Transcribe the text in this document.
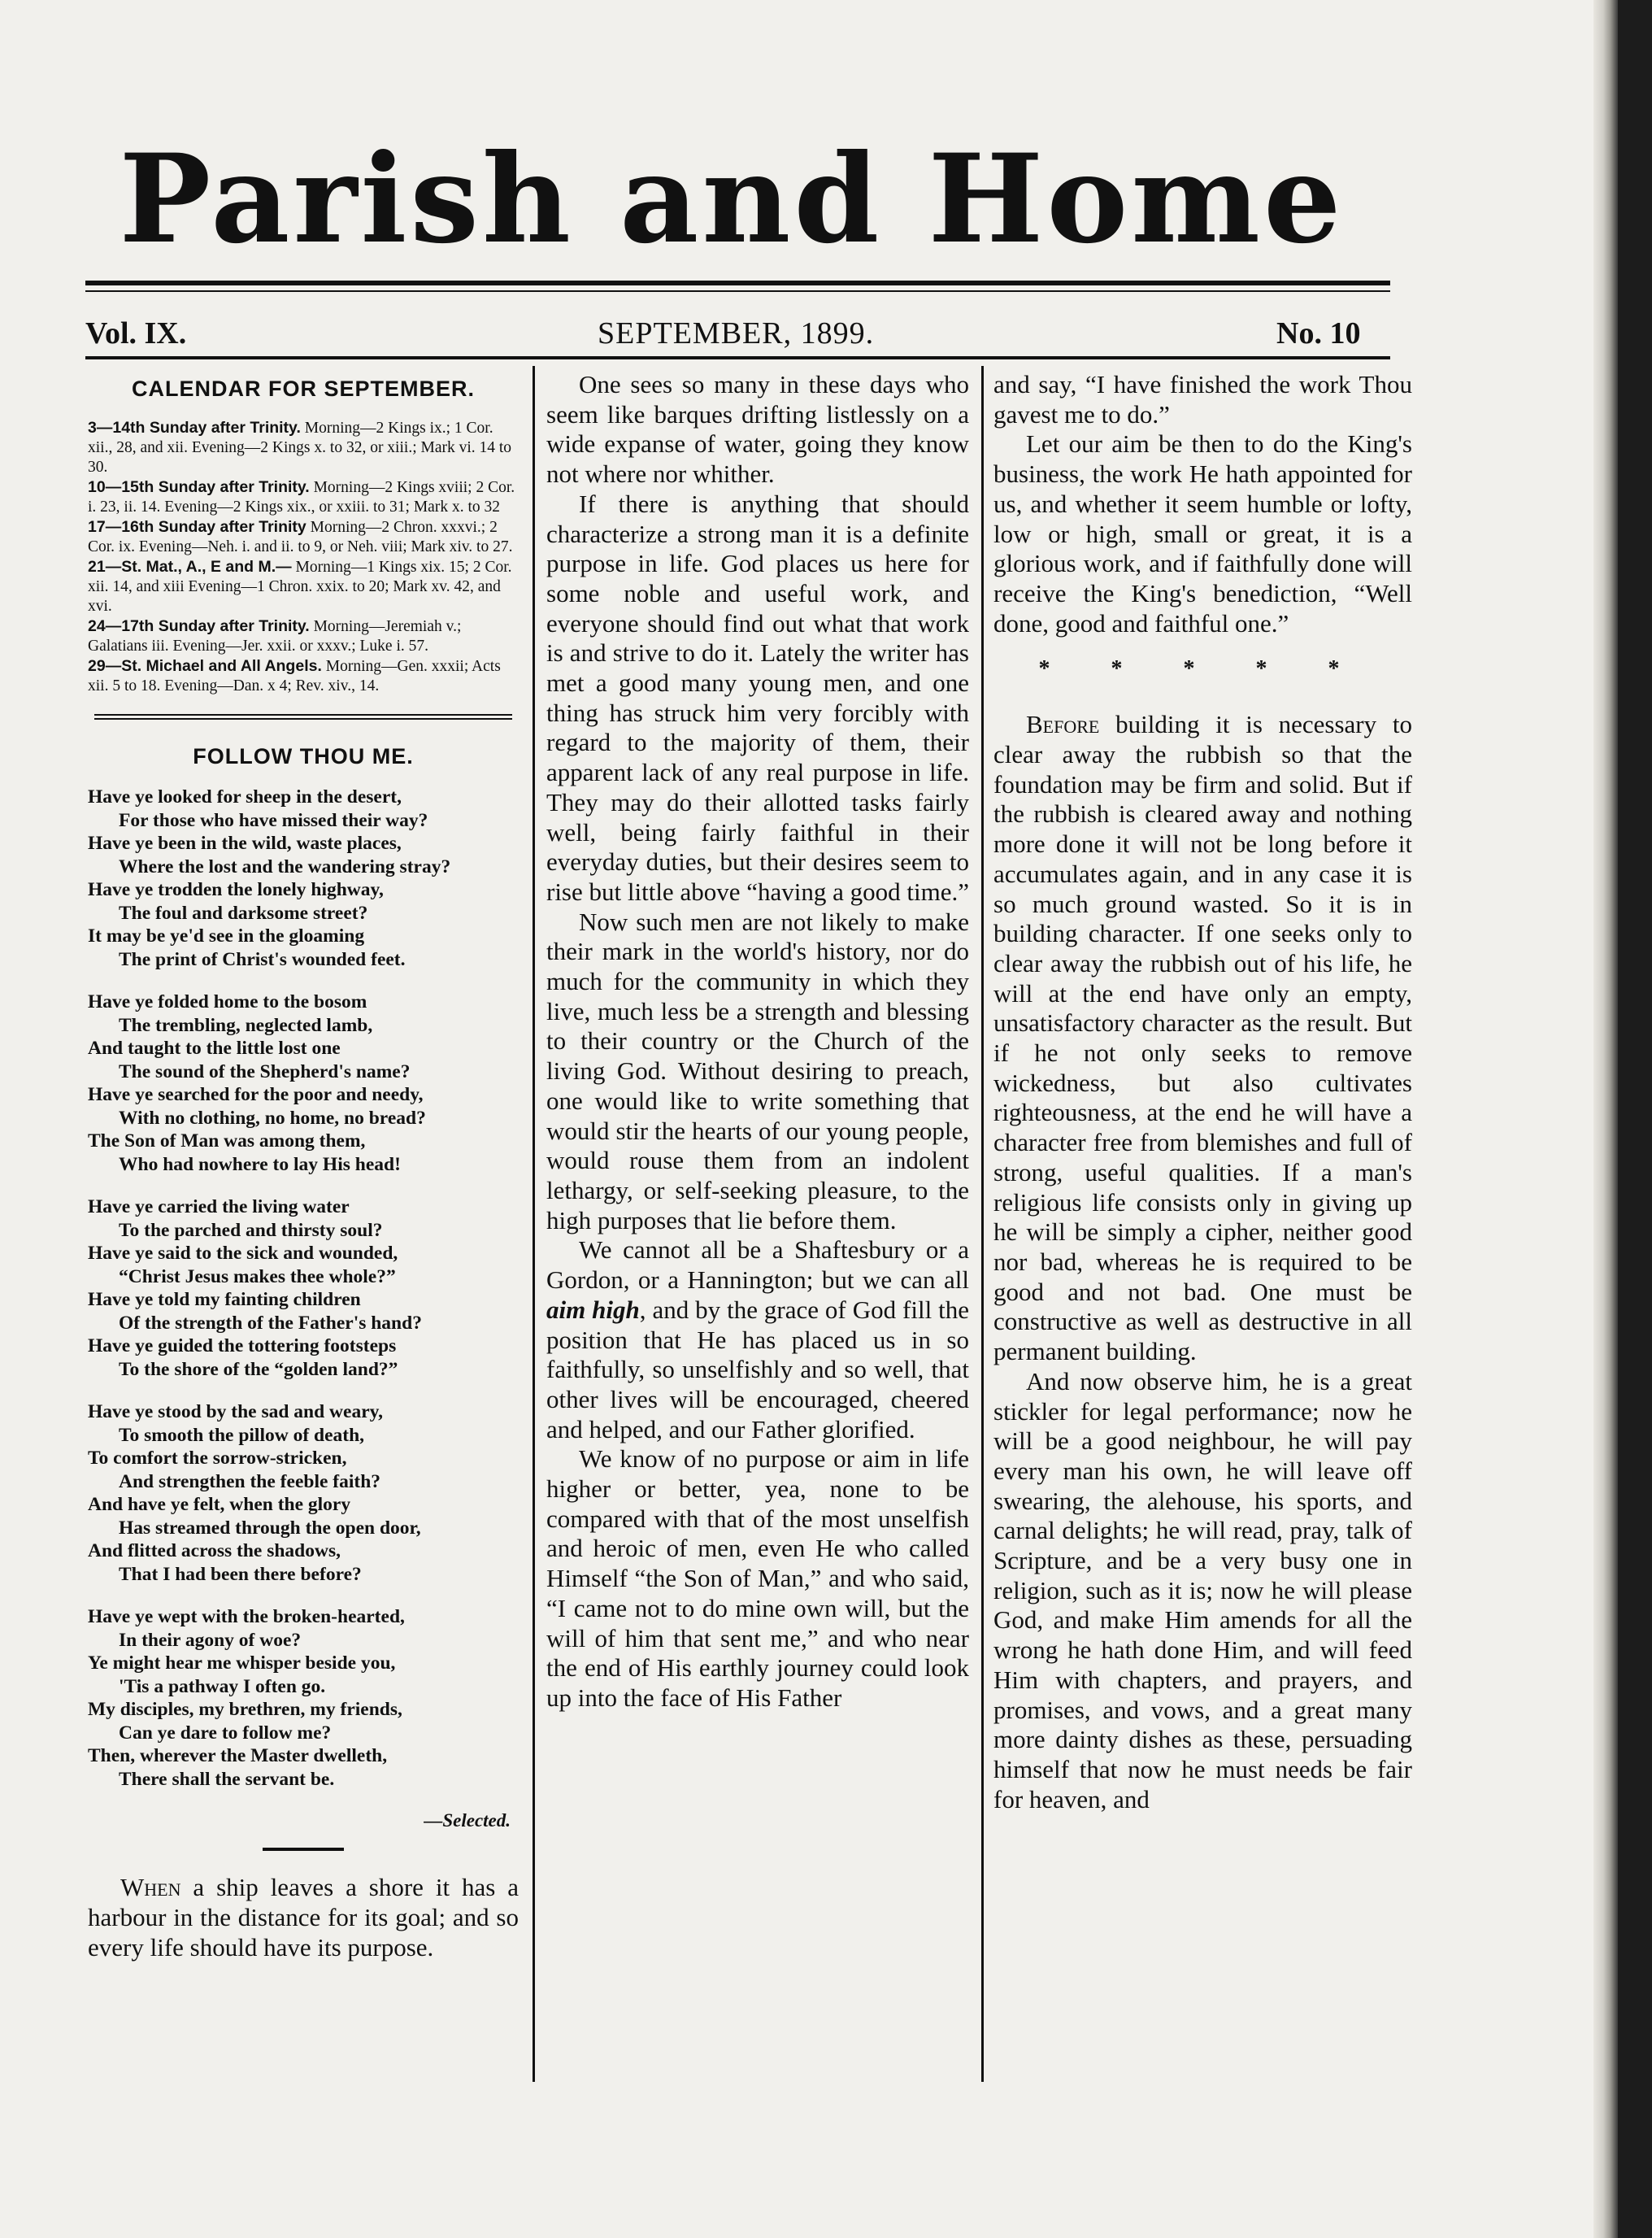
Parish and Home
Vol. IX.	SEPTEMBER, 1899.	No. 10
CALENDAR FOR SEPTEMBER.

3—14th Sunday after Trinity. Morning—2 Kings ix.; 1 Cor. xii., 28, and xii. Evening—2 Kings x. to 32, or xiii.; Mark vi. 14 to 30.

10—15th Sunday after Trinity. Morning—2 Kings xviii; 2 Cor. i. 23, ii. 14. Evening—2 Kings xix., or xxiii. to 31; Mark x. to 32

17—16th Sunday after Trinity Morning—2 Chron. xxxvi.; 2 Cor. ix. Evening—Neh. i. and ii. to 9, or Neh. viii; Mark xiv. to 27.

21—St. Mat., A., E and M.— Morning—1 Kings xix. 15; 2 Cor. xii. 14, and xiii Evening—1 Chron. xxix. to 20; Mark xv. 42, and xvi.

24—17th Sunday after Trinity. Morning—Jeremiah v.; Galatians iii. Evening—Jer. xxii. or xxxv.; Luke i. 57.

29—St. Michael and All Angels. Morning—Gen. xxxii; Acts xii. 5 to 18. Evening—Dan. x 4; Rev. xiv., 14.

FOLLOW THOU ME.
Have ye looked for sheep in the desert,
For those who have missed their way?
Have ye been in the wild, waste places,
Where the lost and the wandering stray?
Have ye trodden the lonely highway,
The foul and darksome street?
It may be ye'd see in the gloaming
The print of Christ's wounded feet.
Have ye folded home to the bosom
The trembling, neglected lamb,
And taught to the little lost one
The sound of the Shepherd's name?
Have ye searched for the poor and needy,
With no clothing, no home, no bread?
The Son of Man was among them,
Who had nowhere to lay His head!
Have ye carried the living water
To the parched and thirsty soul?
Have ye said to the sick and wounded,
“Christ Jesus makes thee whole?”
Have ye told my fainting children
Of the strength of the Father's hand?
Have ye guided the tottering footsteps
To the shore of the “golden land?”
Have ye stood by the sad and weary,
To smooth the pillow of death,
To comfort the sorrow-stricken,
And strengthen the feeble faith?
And have ye felt, when the glory
Has streamed through the open door,
And flitted across the shadows,
That I had been there before?
Have ye wept with the broken-hearted,
In their agony of woe?
Ye might hear me whisper beside you,
'Tis a pathway I often go.
My disciples, my brethren, my friends,
Can ye dare to follow me?
Then, wherever the Master dwelleth,
There shall the servant be.
—Selected.

When a ship leaves a shore it has a harbour in the distance for its goal; and so every life should have its purpose.

One sees so many in these days who seem like barques drifting listlessly on a wide expanse of water, going they know not where nor whither.

If there is anything that should characterize a strong man it is a definite purpose in life. God places us here for some noble and useful work, and everyone should find out what that work is and strive to do it. Lately the writer has met a good many young men, and one thing has struck him very forcibly with regard to the majority of them, their apparent lack of any real purpose in life. They may do their allotted tasks fairly well, being fairly faithful in their everyday duties, but their desires seem to rise but little above “having a good time.”

Now such men are not likely to make their mark in the world's history, nor do much for the community in which they live, much less be a strength and blessing to their country or the Church of the living God. Without desiring to preach, one would like to write something that would stir the hearts of our young people, would rouse them from an indolent lethargy, or self-seeking pleasure, to the high purposes that lie before them.

We cannot all be a Shaftesbury or a Gordon, or a Hannington; but we can all aim high, and by the grace of God fill the position that He has placed us in so faithfully, so unselfishly and so well, that other lives will be encouraged, cheered and helped, and our Father glorified.

We know of no purpose or aim in life higher or better, yea, none to be compared with that of the most unselfish and heroic of men, even He who called Himself “the Son of Man,” and who said, “I came not to do mine own will, but the will of him that sent me,” and who near the end of His earthly journey could look up into the face of His Father

and say, “I have finished the work Thou gavest me to do.”

Let our aim be then to do the King's business, the work He hath appointed for us, and whether it seem humble or lofty, low or high, small or great, it is a glorious work, and if faithfully done will receive the King's benediction, “Well done, good and faithful one.”

* * * * *

Before building it is necessary to clear away the rubbish so that the foundation may be firm and solid. But if the rubbish is cleared away and nothing more done it will not be long before it accumulates again, and in any case it is so much ground wasted. So it is in building character. If one seeks only to clear away the rubbish out of his life, he will at the end have only an empty, unsatisfactory character as the result. But if he not only seeks to remove wickedness, but also cultivates righteousness, at the end he will have a character free from blemishes and full of strong, useful qualities. If a man's religious life consists only in giving up he will be simply a cipher, neither good nor bad, whereas he is required to be good and not bad. One must be constructive as well as destructive in all permanent building.

And now observe him, he is a great stickler for legal performance; now he will be a good neighbour, he will pay every man his own, he will leave off swearing, the alehouse, his sports, and carnal delights; he will read, pray, talk of Scripture, and be a very busy one in religion, such as it is; now he will please God, and make Him amends for all the wrong he hath done Him, and will feed Him with chapters, and prayers, and promises, and vows, and a great many more dainty dishes as these, persuading himself that now he must needs be fair for heaven, and
